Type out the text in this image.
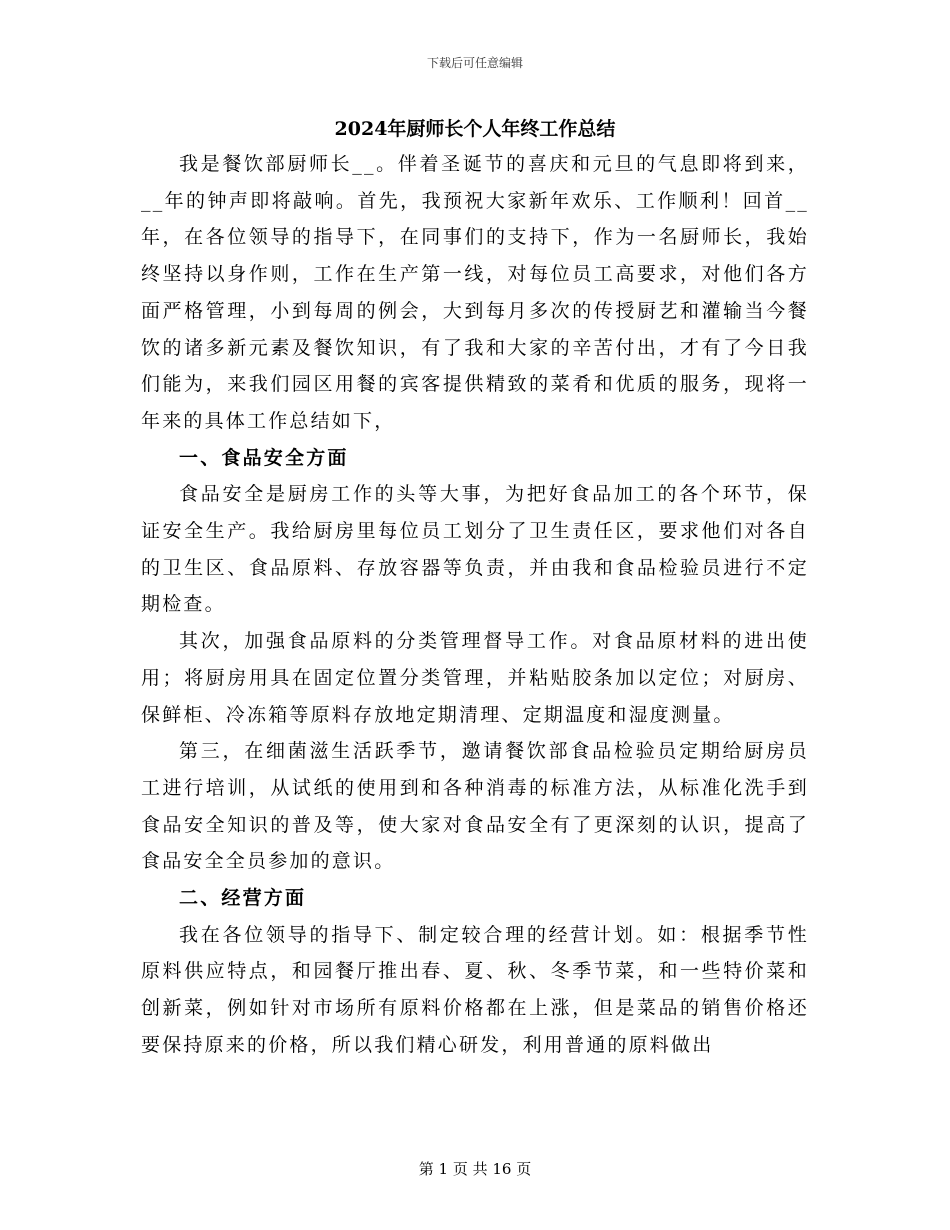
下载后可任意编辑
2024年厨师长个人年终工作总结

我是餐饮部厨师长__。伴着圣诞节的喜庆和元旦的气息即将到来，__年的钟声即将敲响。首先，我预祝大家新年欢乐、工作顺利！回首__年，在各位领导的指导下，在同事们的支持下，作为一名厨师长，我始终坚持以身作则，工作在生产第一线，对每位员工高要求，对他们各方面严格管理，小到每周的例会，大到每月多次的传授厨艺和灌输当今餐饮的诸多新元素及餐饮知识，有了我和大家的辛苦付出，才有了今日我们能为，来我们园区用餐的宾客提供精致的菜肴和优质的服务，现将一年来的具体工作总结如下，

一、食品安全方面

食品安全是厨房工作的头等大事，为把好食品加工的各个环节，保证安全生产。我给厨房里每位员工划分了卫生责任区，要求他们对各自的卫生区、食品原料、存放容器等负责，并由我和食品检验员进行不定期检查。

其次，加强食品原料的分类管理督导工作。对食品原材料的进出使用；将厨房用具在固定位置分类管理，并粘贴胶条加以定位；对厨房、保鲜柜、冷冻箱等原料存放地定期清理、定期温度和湿度测量。

第三，在细菌滋生活跃季节，邀请餐饮部食品检验员定期给厨房员工进行培训，从试纸的使用到和各种消毒的标准方法，从标准化洗手到食品安全知识的普及等，使大家对食品安全有了更深刻的认识，提高了食品安全全员参加的意识。

二、经营方面

我在各位领导的指导下、制定较合理的经营计划。如：根据季节性原料供应特点，和园餐厅推出春、夏、秋、冬季节菜，和一些特价菜和创新菜，例如针对市场所有原料价格都在上涨，但是菜品的销售价格还要保持原来的价格，所以我们精心研发，利用普通的原料做出

第 1 页 共 16 页
